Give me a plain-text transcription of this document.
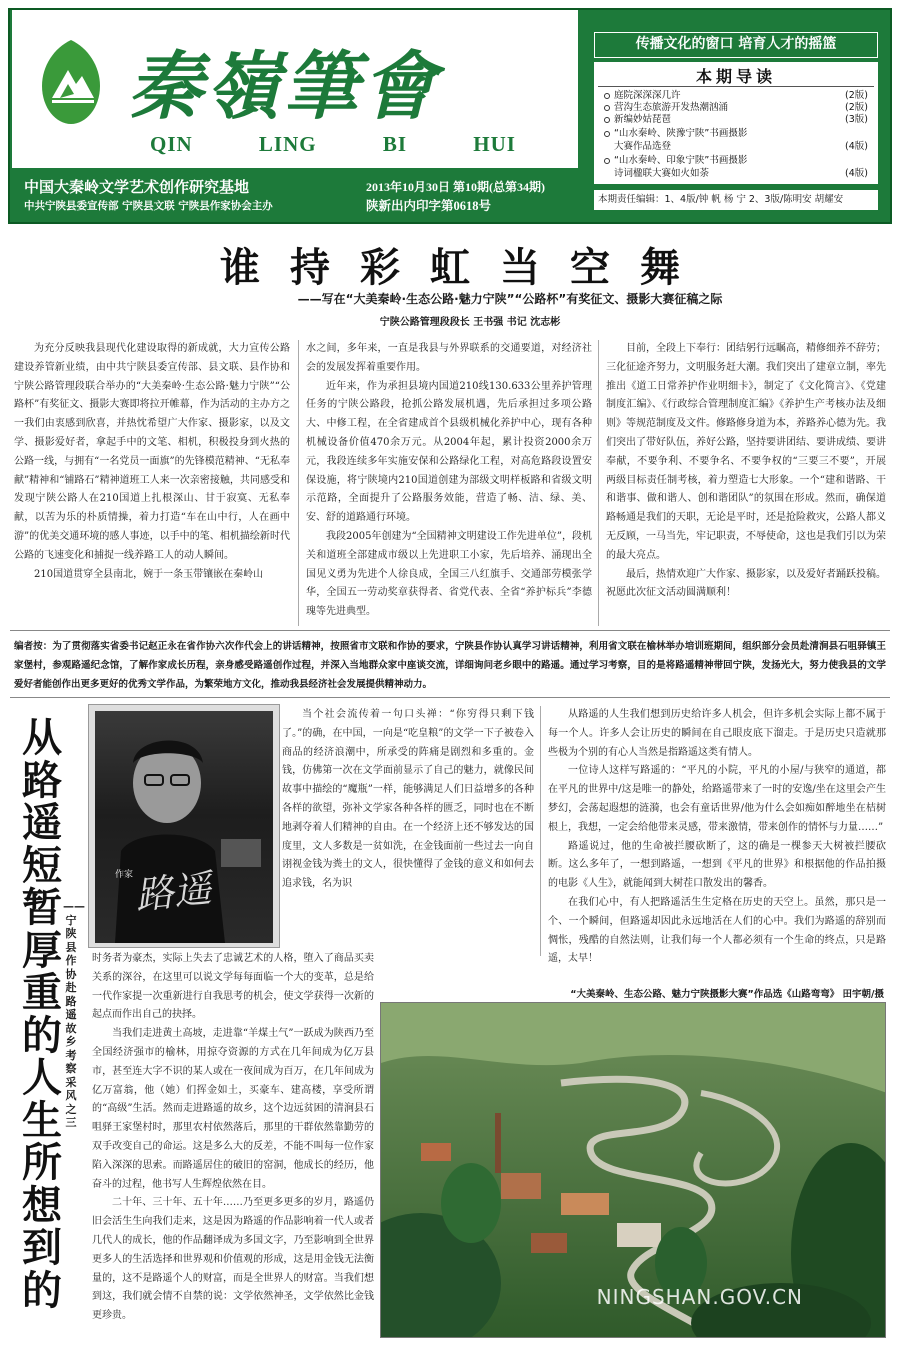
秦嶺筆會
QIN LING BI HUI
中国大秦岭文学艺术创作研究基地
中共宁陕县委宣传部 宁陕县文联 宁陕县作家协会主办
2013年10月30日 第10期(总第34期)
陕新出内印字第0618号
传播文化的窗口 培育人才的摇篮
本期导读
庭院深深深几许	(2版)
营沟生态旅游开发热潮汹涌	(2版)
新编妙姑琵琶	(3版)
“山水秦岭、陕豫宁陕”书画摄影
大赛作品选登	(4版)
“山水秦岭、印象宁陕”书画摄影
诗词楹联大赛如火如荼	(4版)
本期责任编辑：1、4版/钟 帆 杨 宁 2、3版/陈明安 胡耀安
谁持彩虹当空舞
——写在“大美秦岭·生态公路·魅力宁陕”“公路杯”有奖征文、摄影大赛征稿之际
宁陕公路管理段段长 王书强 书记 沈志彬

为充分反映我县现代化建设取得的新成就，大力宣传公路建设养管新业绩，由中共宁陕县委宣传部、县文联、县作协和宁陕公路管理段联合举办的“大美秦岭·生态公路·魅力宁陕”“公路杯”有奖征文、摄影大赛即将拉开帷幕，作为活动的主办方之一我们由衷感到欣喜，并热忱希望广大作家、摄影家，以及文学、摄影爱好者，拿起手中的文笔、相机，积极投身到火热的公路一线，与拥有“一名党员一面旗”的先锋模范精神、“无私奉献”精神和“铺路石”精神道班工人来一次亲密接触，共同感受和发现宁陕公路人在210国道上扎根深山、甘于寂寞、无私奉献，以苦为乐的朴质情操，着力打造“车在山中行，人在画中游”的优美交通环境的感人事迹，以手中的笔、相机描绘新时代公路的飞速变化和捕捉一线养路工人的动人瞬间。

210国道贯穿全县南北，婉于一条玉带镶嵌在秦岭山

水之间，多年来，一直是我县与外界联系的交通要道，对经济社会的发展发挥着重要作用。

近年来，作为承担县境内国道210线130.633公里养护管理任务的宁陕公路段，抢抓公路发展机遇，先后承担过多项公路大、中修工程，在全省建成首个县级机械化养护中心，现有各种机械设备价值470余万元。从2004年起，累计投资2000余万元，我段连续多年实施安保和公路绿化工程，对高危路段设置安保设施，将宁陕境内210国道创建为部级文明样板路和省级文明示范路，全面提升了公路服务效能，营造了畅、洁、绿、美、安、舒的道路通行环境。

我段2005年创建为“全国精神文明建设工作先进单位”，段机关和道班全部建成市级以上先进职工小家，先后培养、涌现出全国见义勇为先进个人徐良成，全国三八红旗手、交通部劳模张学华，全国五一劳动奖章获得者、省党代表、全省“养护标兵”李德瑰等先进典型。

目前，全段上下奉行：团结躬行远瞩高，精修细养不辞劳；三化征途齐努力，文明服务赶大潮。我们突出了建章立制，率先推出《道工日常养护作业明细卡》，制定了《文化简言》、《党建制度汇编》、《行政综合管理制度汇编》《养护生产考核办法及细则》等规范制度及文件。修路修身道为本，养路养心德为先。我们突出了带好队伍，养好公路，坚持要讲团结、要讲成绩、要讲奉献，不要争利、不要争名、不要争权的“三要三不要”，开展两级目标责任制考核，着力塑造七大形象。一个“建和谐路、干和谐事、做和谐人、创和谐团队”的氛围在形成。然而，确保道路畅通是我们的天职，无论是平时，还是抢险救灾，公路人都义无反顾，一马当先，牢记职责，不辱使命，这也是我们引以为荣的最大亮点。

最后，热情欢迎广大作家、摄影家，以及爱好者踊跃投稿。祝愿此次征文活动圆满顺利！

编者按：为了贯彻落实省委书记赵正永在省作协六次作代会上的讲话精神，按照省市文联和作协的要求，宁陕县作协认真学习讲话精神，利用省文联在榆林举办培训班期间，组织部分会员赴清涧县石咀驿镇王家堡村，参观路遥纪念馆，了解作家成长历程，亲身感受路遥创作过程，并深入当地群众家中座谈交流，详细询问老乡眼中的路遥。通过学习考察，目的是将路遥精神带回宁陕，发扬光大，努力使我县的文学爱好者能创作出更多更好的优秀文学作品，为繁荣地方文化，推动我县经济社会发展提供精神动力。
从路遥短暂厚重的人生所想到的
——宁陕县作协赴路遥故乡考察采风之三
作家 路遥

当个社会流传着一句口头禅：“你穷得只剩下钱了。”的确，在中国，一向是“吃皇粮”的文学一下子被卷入商品的经济浪潮中，所承受的阵痛是剧烈和多重的。金钱，仿佛第一次在文学面前显示了自己的魅力，就像民间故事中描绘的“魔瓶”一样，能够满足人们日益增多的各种各样的欲望，弥补文学家各种各样的匮乏，同时也在不断地剥夺着人们精神的自由。在一个经济上还不够发达的国度里，文人多数是一贫如洗，在金钱面前一些过去一向自诩视金钱为粪土的文人，很快懂得了金钱的意义和如何去追求钱，名为识

时务者为豪杰，实际上失去了忠诚艺术的人格，堕入了商品买卖关系的深谷，在这里可以说文学每每面临一个大的变革，总是给一代作家提一次重新进行自我思考的机会，使文学获得一次新的起点而作出自己的抉择。

当我们走进黄土高坡，走进靠“羊煤土气”一跃成为陕西乃至全国经济强市的榆林，用掠夺资源的方式在几年间成为亿万县市，甚至连大字不识的某人或在一夜间成为百万，在几年间成为亿万富翁，他（她）们挥金如土，买豪车、建高楼，享受所谓的“高级”生活。然而走进路遥的故乡，这个边远贫困的清涧县石咀驿王家堡村时，那里农村依然落后，那里的干群依然靠勤劳的双手改变自己的命运。这是多么大的反差，不能不叫每一位作家陷入深深的思索。而路遥居住的破旧的窑洞，他成长的经历，他奋斗的过程，他书写人生辉煌依然在目。

二十年、三十年、五十年……乃至更多更多的岁月，路遥仍旧会活生生向我们走来，这是因为路遥的作品影响着一代人或者几代人的成长，他的作品翻译成为多国文字，乃至影响到全世界更多人的生活选择和世界观和价值观的形成，这是用金钱无法衡量的，这不是路遥个人的财富，而是全世界人的财富。当我们想到这，我们就会情不自禁的说：文学依然神圣，文学依然比金钱更珍贵。

从路遥的人生我们想到历史给许多人机会，但许多机会实际上都不属于每一个人。许多人会让历史的瞬间在自己眼皮底下溜走。于是历史只造就那些极为个别的有心人当然是指路遥这类有情人。

一位诗人这样写路遥的：“平凡的小院，平凡的小屋/与狭窄的通道，都在平凡的世界中/这是唯一的静处，给路遥带来了一时的安逸/坐在这里会产生梦幻，会荡起遐想的涟漪，也会有童话世界/他为什么会如痴如醉地坐在桔树根上，我想，一定会给他带来灵感，带来激情，带来创作的情怀与力量……”

路遥说过，他的生命被拦腰砍断了，这的确是一棵参天大树被拦腰砍断。这么多年了，一想到路遥，一想到《平凡的世界》和根据他的作品拍摄的电影《人生》，就能闻到大树茬口散发出的馨香。

在我们心中，有人把路遥活生生定格在历史的天空上。虽然，那只是一个、一个瞬间，但路遥却因此永远地活在人们的心中。我们为路遥的辞别而惆怅，残酷的自然法则，让我们每一个人都必须有一个生命的终点，只是路遥，太早！

“大美秦岭、生态公路、魅力宁陕摄影大赛”作品选《山路弯弯》 田宇朝/摄
NINGSHAN.GOV.CN
